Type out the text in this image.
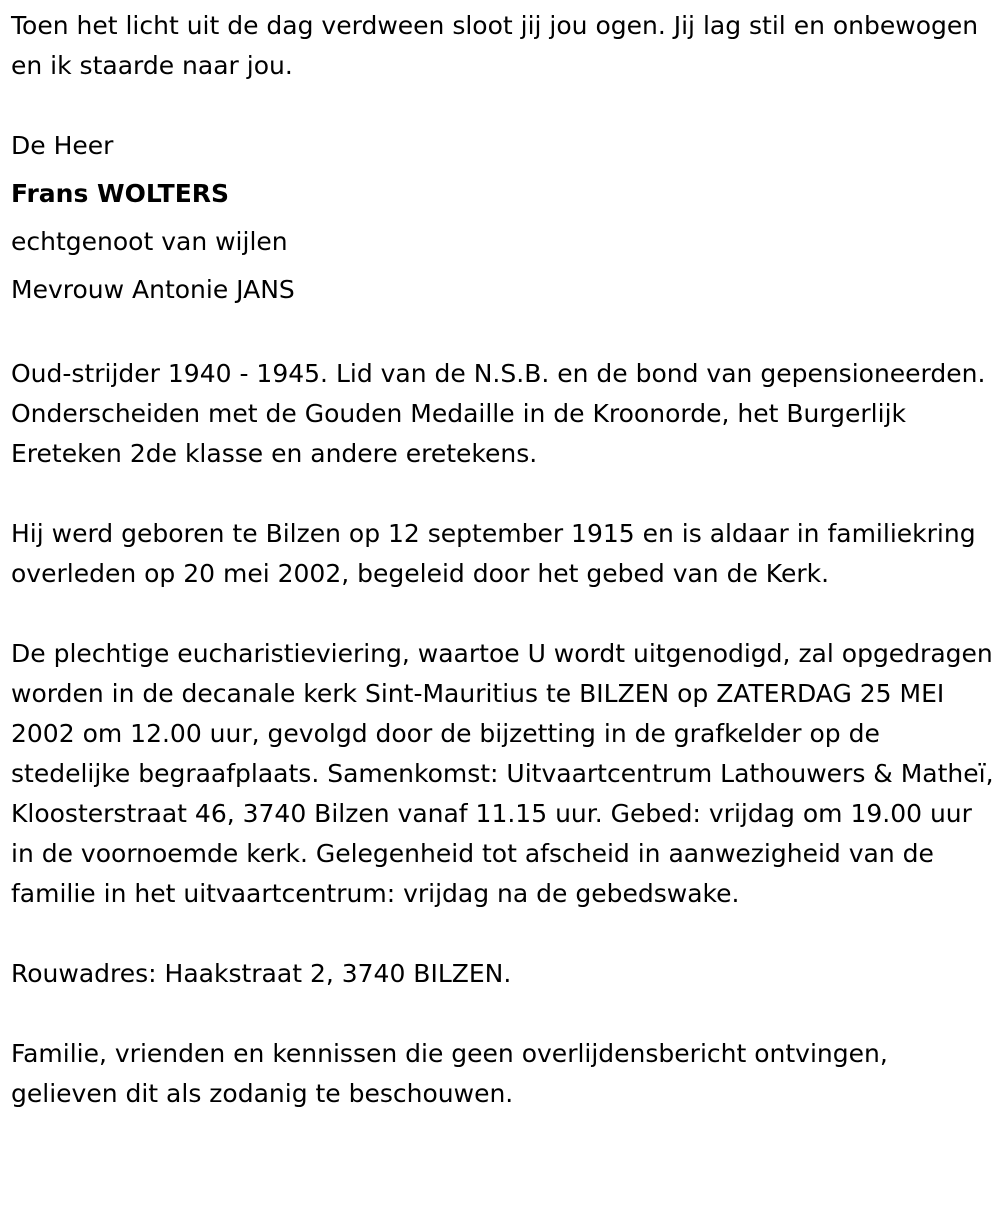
Toen het licht uit de dag verdween sloot jij jou ogen. Jij lag stil en onbewogen en ik staarde naar jou.

De Heer

Frans WOLTERS

echtgenoot van wijlen

Mevrouw Antonie JANS

Oud-strijder 1940 - 1945. Lid van de N.S.B. en de bond van gepensioneerden. Onderscheiden met de Gouden Medaille in de Kroonorde, het Burgerlijk Ereteken 2de klasse en andere eretekens.

Hij werd geboren te Bilzen op 12 september 1915 en is aldaar in familiekring overleden op 20 mei 2002, begeleid door het gebed van de Kerk.

De plechtige eucharistieviering, waartoe U wordt uitgenodigd, zal opgedragen worden in de decanale kerk Sint-Mauritius te BILZEN op ZATERDAG 25 MEI 2002 om 12.00 uur, gevolgd door de bijzetting in de grafkelder op de stedelijke begraafplaats. Samenkomst: Uitvaartcentrum Lathouwers & Matheï, Kloosterstraat 46, 3740 Bilzen vanaf 11.15 uur. Gebed: vrijdag om 19.00 uur in de voornoemde kerk. Gelegenheid tot afscheid in aanwezigheid van de familie in het uitvaartcentrum: vrijdag na de gebedswake.

Rouwadres: Haakstraat 2, 3740 BILZEN.

Familie, vrienden en kennissen die geen overlijdensbericht ontvingen, gelieven dit als zodanig te beschouwen.
